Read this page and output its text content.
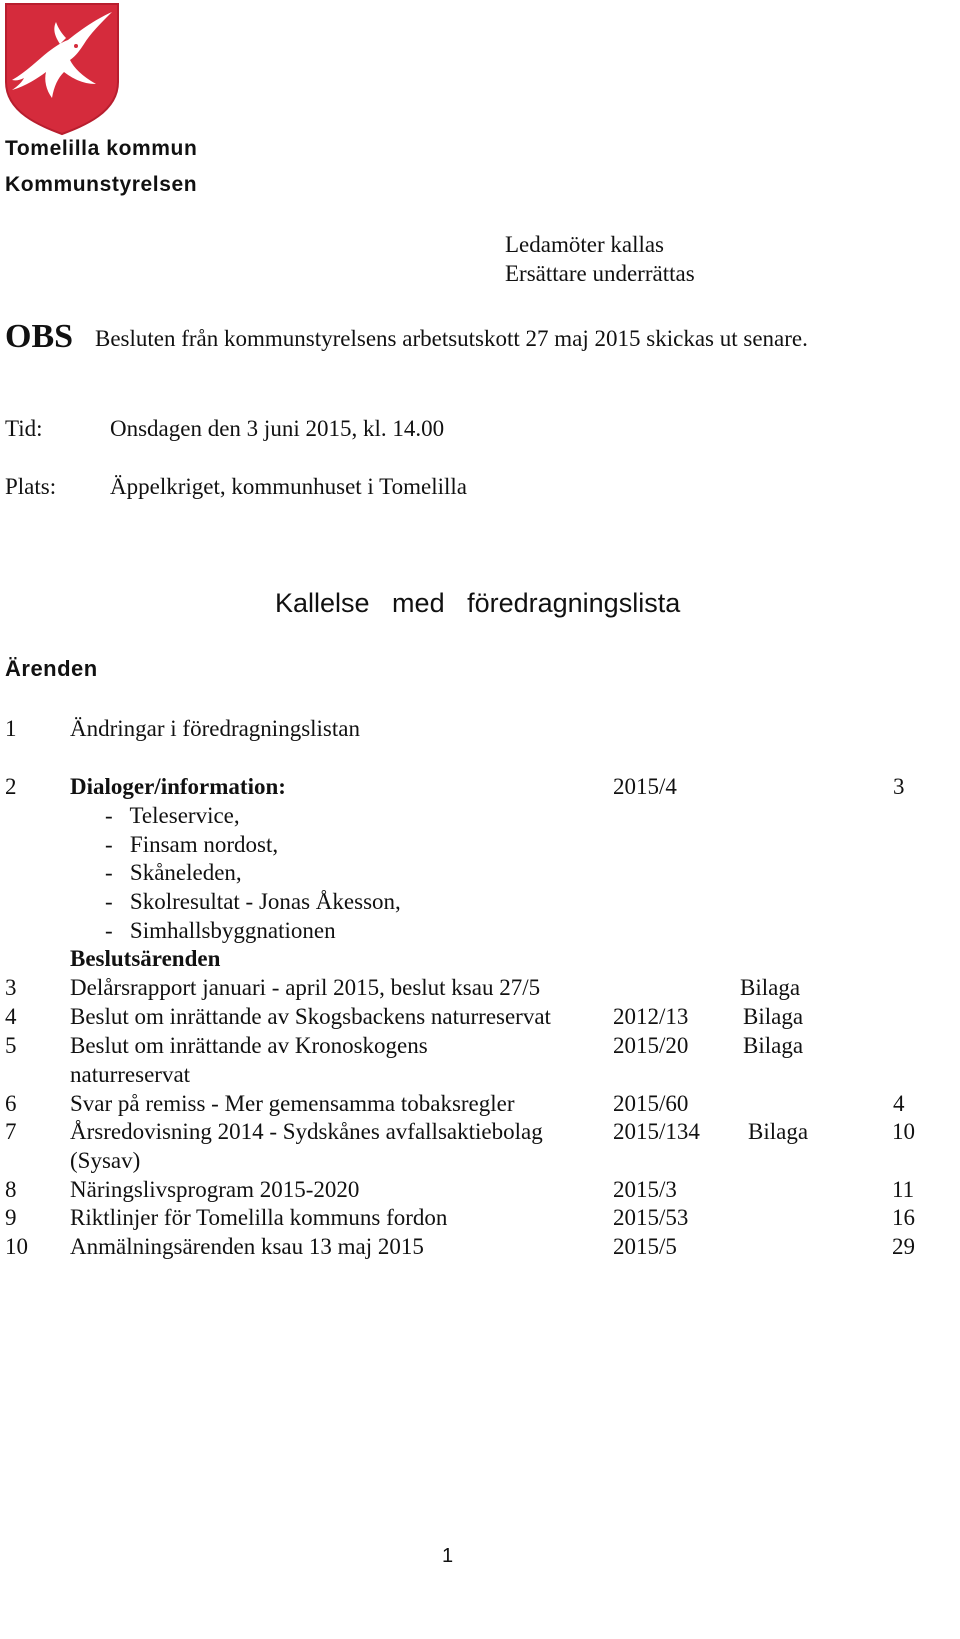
Tomelilla kommun
Kommunstyrelsen
Ledamöter kallas
Ersättare underrättas
OBS Besluten från kommunstyrelsens arbetsutskott 27 maj 2015 skickas ut senare.
Tid:	Onsdagen den 3 juni 2015, kl. 14.00
Plats: Äppelkriget, kommunhuset i Tomelilla
Kallelse   med   föredragningslista
Ärenden
1 Ändringar i föredragningslistan
2 Dialoger/information:	2015/4	3
-   Teleservice,
-   Finsam nordost,
-   Skåneleden,
-   Skolresultat - Jonas Åkesson,
-   Simhallsbyggnationen
Beslutsärenden
3 Delårsrapport januari - april 2015, beslut ksau 27/5	Bilaga
4 Beslut om inrättande av Skogsbackens naturreservat	2012/13 Bilaga
5 Beslut om inrättande av Kronoskogens	2015/20 Bilaga
naturreservat
6 Svar på remiss - Mer gemensamma tobaksregler	2015/60	4
7 Årsredovisning 2014 - Sydskånes avfallsaktiebolag	2015/134 Bilaga	10
(Sysav)
8 Näringslivsprogram 2015-2020	2015/3	11
9 Riktlinjer för Tomelilla kommuns fordon	2015/53	16
10 Anmälningsärenden ksau 13 maj 2015	2015/5	29
1
